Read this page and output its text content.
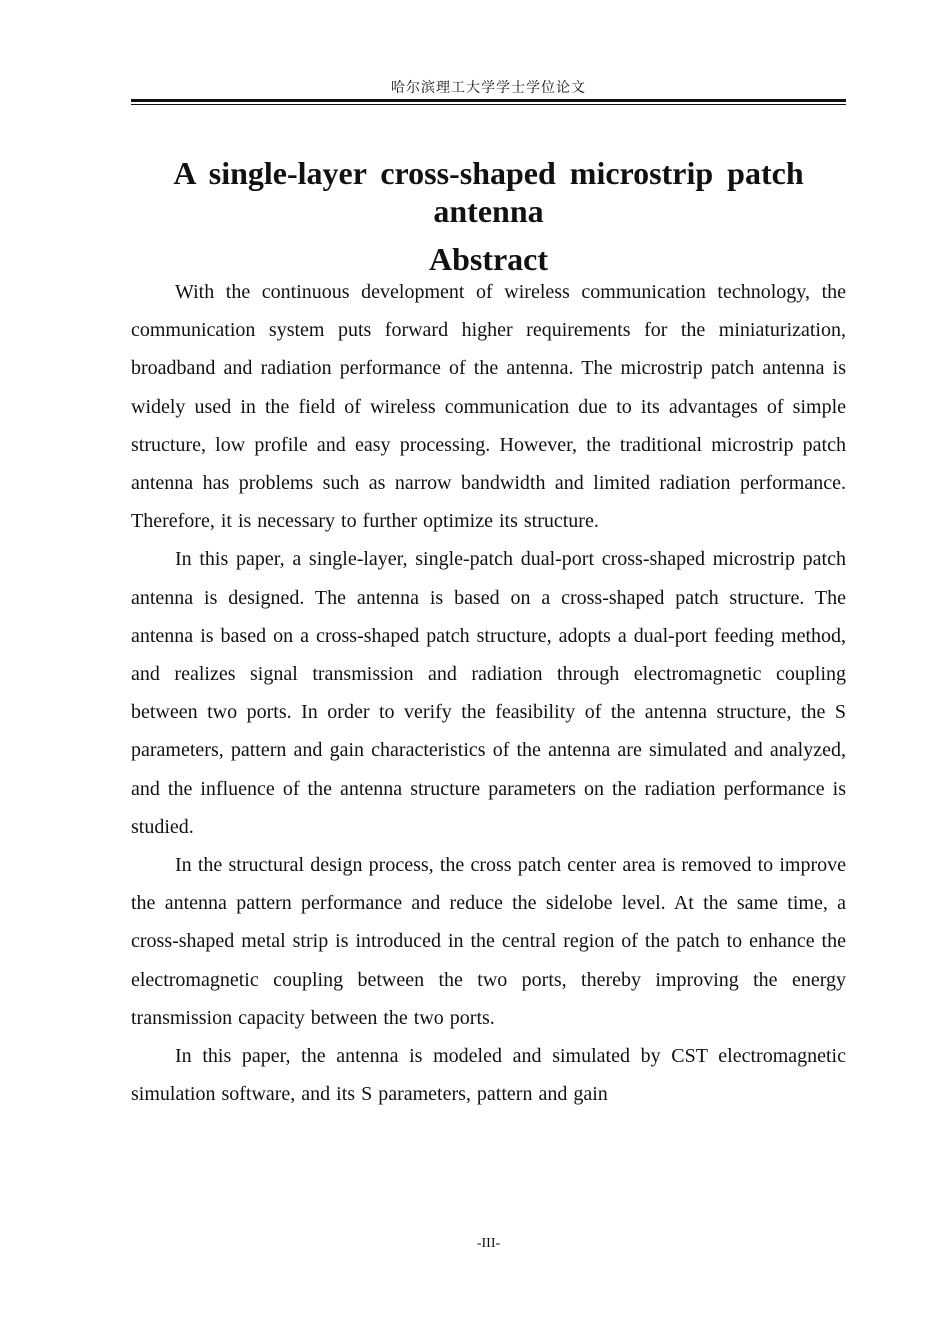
哈尔滨理工大学学士学位论文
A single-layer cross-shaped microstrip patch antenna
Abstract

With the continuous development of wireless communication technology, the communication system puts forward higher requirements for the miniaturization, broadband and radiation performance of the antenna. The microstrip patch antenna is widely used in the field of wireless communication due to its advantages of simple structure, low profile and easy processing. However, the traditional microstrip patch antenna has problems such as narrow bandwidth and limited radiation performance. Therefore, it is necessary to further optimize its structure.

In this paper, a single-layer, single-patch dual-port cross-shaped microstrip patch antenna is designed. The antenna is based on a cross-shaped patch structure. The antenna is based on a cross-shaped patch structure, adopts a dual-port feeding method, and realizes signal transmission and radiation through electromagnetic coupling between two ports. In order to verify the feasibility of the antenna structure, the S parameters, pattern and gain characteristics of the antenna are simulated and analyzed, and the influence of the antenna structure parameters on the radiation performance is studied.

In the structural design process, the cross patch center area is removed to improve the antenna pattern performance and reduce the sidelobe level. At the same time, a cross-shaped metal strip is introduced in the central region of the patch to enhance the electromagnetic coupling between the two ports, thereby improving the energy transmission capacity between the two ports.

In this paper, the antenna is modeled and simulated by CST electromagnetic simulation software, and its S parameters, pattern and gain

-III-
